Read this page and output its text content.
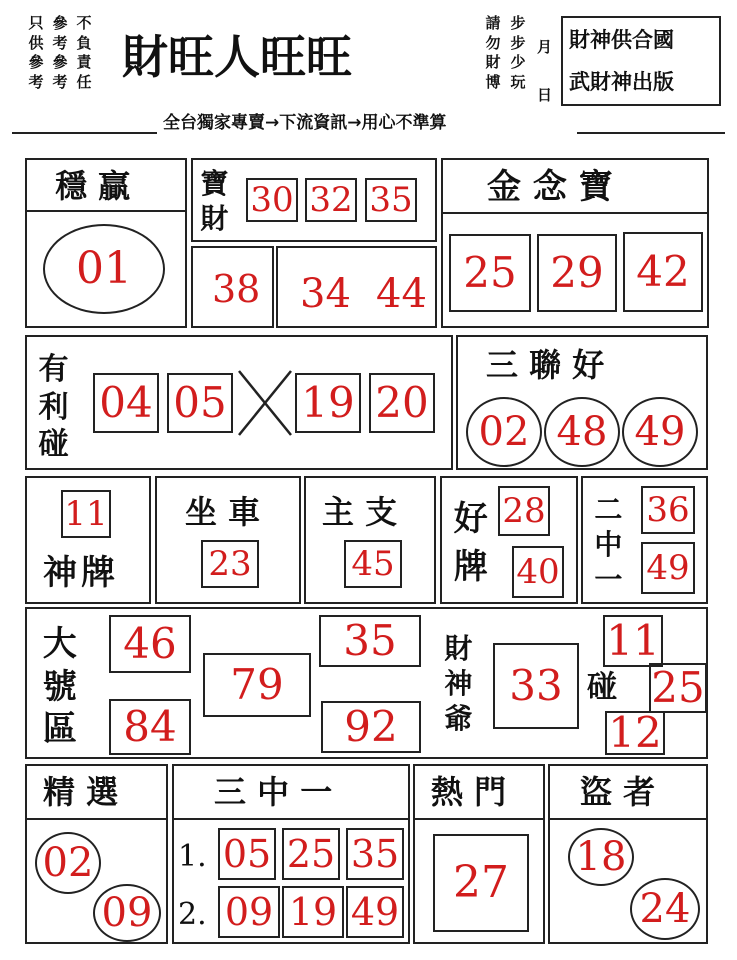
只供參考
參考參考
不負責任 財旺人旺旺
請勿財博
步步少玩
月
日
財神供合國
武財神出版
全台獨家專賣→下流資訊→用心不準算
穩 贏
01
寶財 30 32 35
38 34 44
金 念 寶
25 29 42
有利碰
04 05 19 20
三 聯 好
02 48 49
11
神牌
坐 車
23
主 支
45
好牌
28
40
二中一
36
49
大號區
46
84
79
35
92
財神爺
33 碰
11
25
12
精 選
02
09
三 中 一
1. 05 25 35
2. 09 19 49
熱 門
27
盜 者
18
24
